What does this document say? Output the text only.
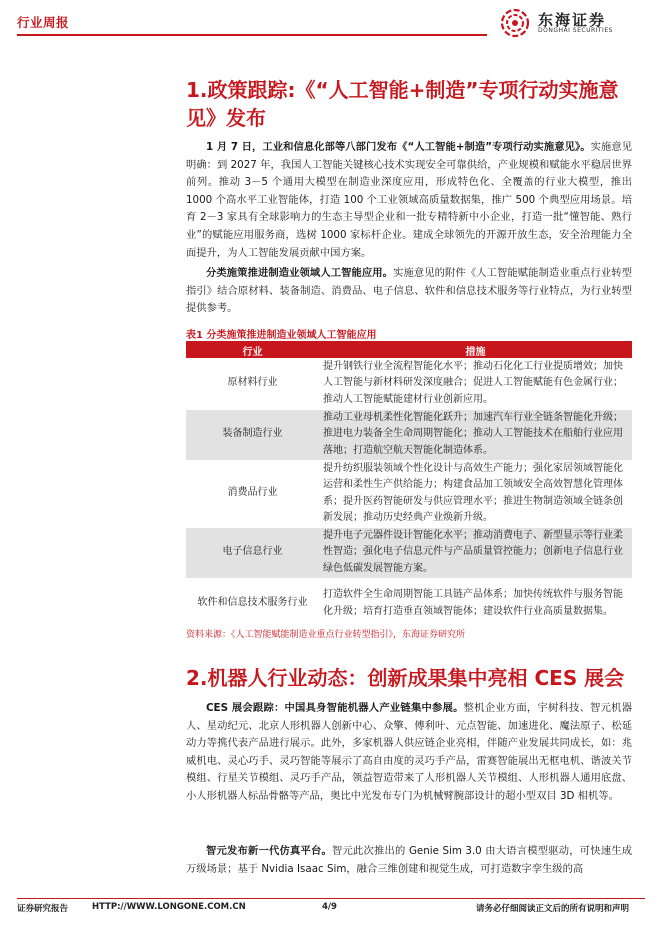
行业周报	东海证券
DONGHAI SECURITIES
1.政策跟踪:《“人工智能+制造”专项行动实施意见》发布

1 月 7 日，工业和信息化部等八部门发布《“人工智能+制造”专项行动实施意见》。实施意见明确：到 2027 年，我国人工智能关键核心技术实现安全可靠供给，产业规模和赋能水平稳居世界前列。推动 3－5 个通用大模型在制造业深度应用，形成特色化、全覆盖的行业大模型，推出 1000 个高水平工业智能体，打造 100 个工业领域高质量数据集，推广 500 个典型应用场景。培育 2－3 家具有全球影响力的生态主导型企业和一批专精特新中小企业，打造一批“懂智能、熟行业”的赋能应用服务商，选树 1000 家标杆企业。建成全球领先的开源开放生态，安全治理能力全面提升，为人工智能发展贡献中国方案。

分类施策推进制造业领域人工智能应用。实施意见的附件《人工智能赋能制造业重点行业转型指引》结合原材料、装备制造、消费品、电子信息、软件和信息技术服务等行业特点，为行业转型提供参考。

表1 分类施策推进制造业领域人工智能应用
行业	措施
原材料行业	提升钢铁行业全流程智能化水平；推动石化化工行业提质增效；加快人工智能与新材料研发深度融合；促进人工智能赋能有色金属行业；推动人工智能赋能建材行业创新应用。
装备制造行业	推动工业母机柔性化智能化跃升；加速汽车行业全链条智能化升级；推进电力装备全生命周期智能化；推动人工智能技术在船舶行业应用落地；打造航空航天智能化制造体系。
消费品行业	提升纺织服装领域个性化设计与高效生产能力；强化家居领域智能化运营和柔性生产供给能力；构建食品加工领域安全高效智慧化管理体系；提升医药智能研发与供应管理水平；推进生物制造领域全链条创新发展；推动历史经典产业焕新升级。
电子信息行业	提升电子元器件设计智能化水平；推动消费电子、新型显示等行业柔性智造；强化电子信息元件与产品质量管控能力；创新电子信息行业绿色低碳发展智能方案。
软件和信息技术服务行业	打造软件全生命周期智能工具链产品体系；加快传统软件与服务智能化升级；培育打造垂直领域智能体；建设软件行业高质量数据集。
资料来源：《人工智能赋能制造业重点行业转型指引》，东海证券研究所
2.机器人行业动态：创新成果集中亮相 CES 展会

CES 展会跟踪：中国具身智能机器人产业链集中参展。整机企业方面，宇树科技、智元机器人、星动纪元、北京人形机器人创新中心、众擎、傅利叶、元点智能、加速进化、魔法原子、松延动力等携代表产品进行展示。此外，多家机器人供应链企业亮相，伴随产业发展共同成长，如：兆威机电、灵心巧手、灵巧智能等展示了高自由度的灵巧手产品，雷赛智能展出无框电机、谐波关节模组、行星关节模组、灵巧手产品，领益智造带来了人形机器人关节模组、人形机器人通用底盘、小人形机器人标品骨骼等产品，奥比中光发布专门为机械臂腕部设计的超小型双目 3D 相机等。

智元发布新一代仿真平台。智元此次推出的 Genie Sim 3.0 由大语言模型驱动，可快速生成万级场景；基于 Nvidia Isaac Sim，融合三维创建和视觉生成，可打造数字孪生级的高

证券研究报告	HTTP://WWW.LONGONE.COM.CN	4/9	请务必仔细阅读正文后的所有说明和声明
